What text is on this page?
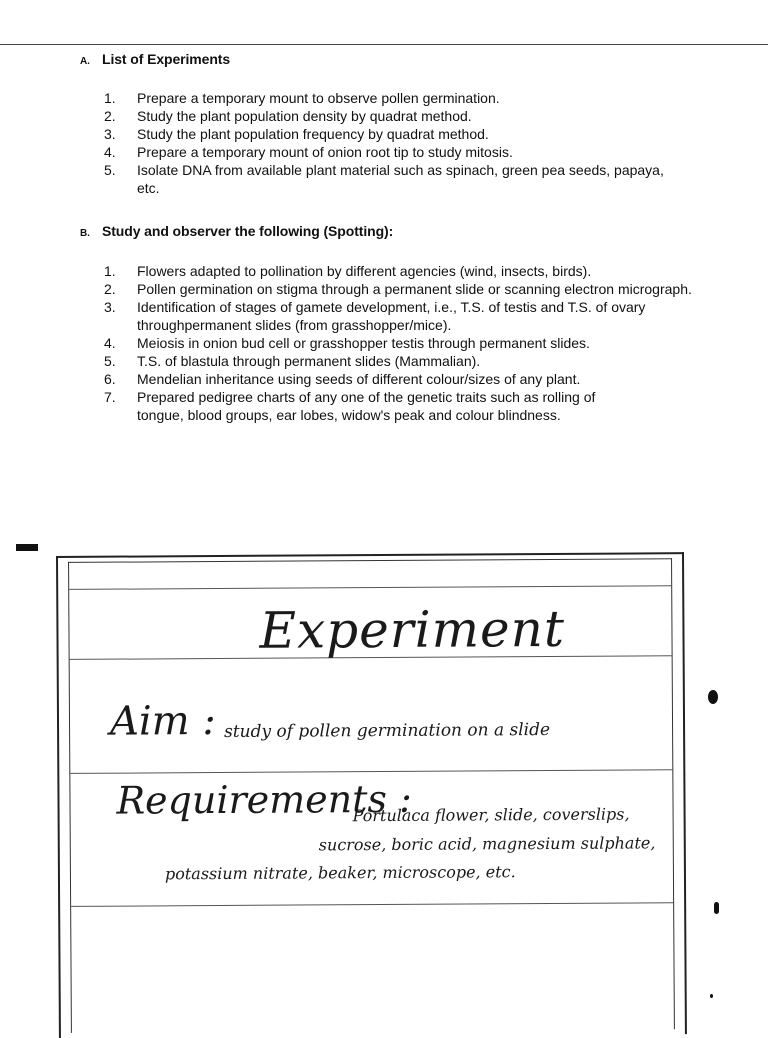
A. List of Experiments
1. Prepare a temporary mount to observe pollen germination.
2. Study the plant population density by quadrat method.
3. Study the plant population frequency by quadrat method.
4. Prepare a temporary mount of onion root tip to study mitosis.
5. Isolate DNA from available plant material such as spinach, green pea seeds, papaya, etc.
B. Study and observer the following (Spotting):
1. Flowers adapted to pollination by different agencies (wind, insects, birds).
2. Pollen germination on stigma through a permanent slide or scanning electron micrograph.
3. Identification of stages of gamete development, i.e., T.S. of testis and T.S. of ovary throughpermanent slides (from grasshopper/mice).
4. Meiosis in onion bud cell or grasshopper testis through permanent slides.
5. T.S. of blastula through permanent slides (Mammalian).
6. Mendelian inheritance using seeds of different colour/sizes of any plant.
7. Prepared pedigree charts of any one of the genetic traits such as rolling of tongue, blood groups, ear lobes, widow's peak and colour blindness.
Experiment
Aim : study of pollen germination on a slide
Requirements :
Portulaca flower, slide, coverslips,
sucrose, boric acid, magnesium sulphate,
potassium nitrate, beaker, microscope, etc.
